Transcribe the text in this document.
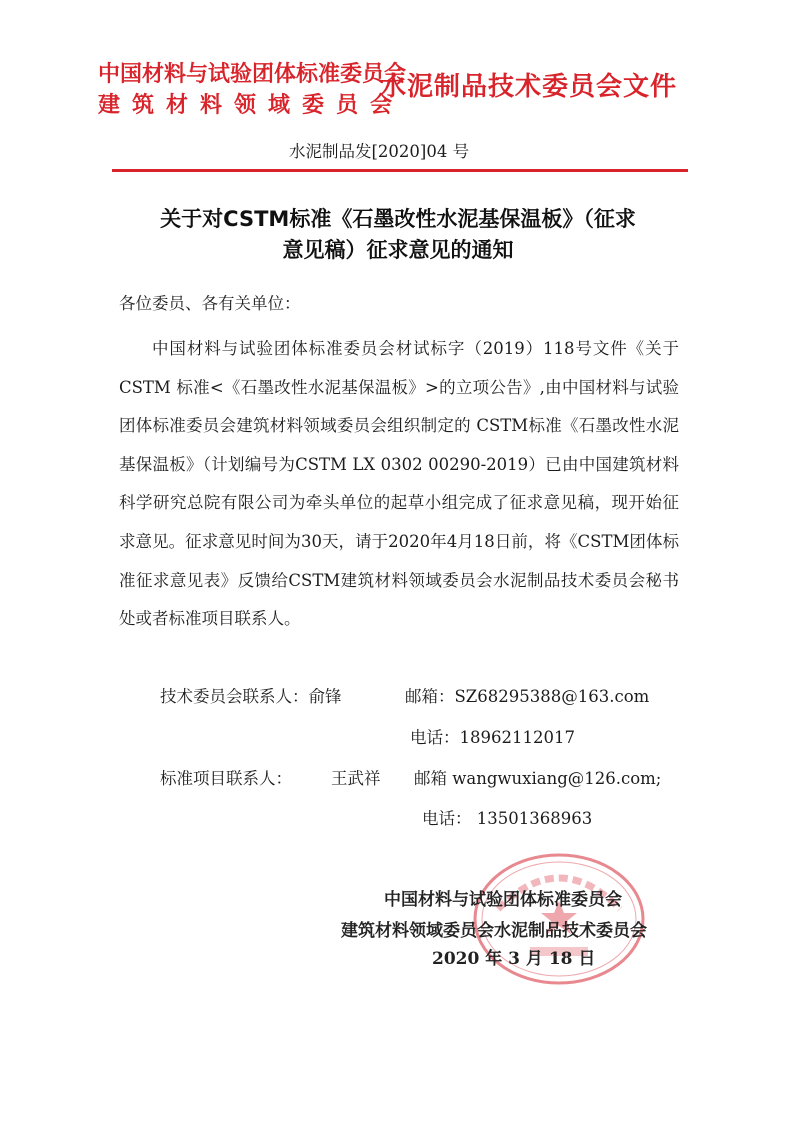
中国材料与试验团体标准委员会
建筑材料领域委员会
水泥制品技术委员会文件
水泥制品发[2020]04 号
关于对CSTM标准《石墨改性水泥基保温板》（征求
意见稿）征求意见的通知
各位委员、各有关单位：

中国材料与试验团体标准委员会材试标字（2019）118号文件《关于CSTM 标准<《石墨改性水泥基保温板》>的立项公告》,由中国材料与试验团体标准委员会建筑材料领域委员会组织制定的 CSTM标准《石墨改性水泥基保温板》（计划编号为CSTM LX 0302 00290-2019）已由中国建筑材料科学研究总院有限公司为牵头单位的起草小组完成了征求意见稿，现开始征求意见。征求意见时间为30天，请于2020年4月18日前，将《CSTM团体标准征求意见表》反馈给CSTM建筑材料领域委员会水泥制品技术委员会秘书处或者标准项目联系人。

技术委员会联系人：俞锋	邮箱：SZ68295388@163.com
电话：18962112017
标准项目联系人： 王武祥 邮箱 wangwuxiang@126.com;
电话： 13501368963
中国材料与试验团体标准委员会
建筑材料领域委员会水泥制品技术委员会
2020 年 3 月 18 日
